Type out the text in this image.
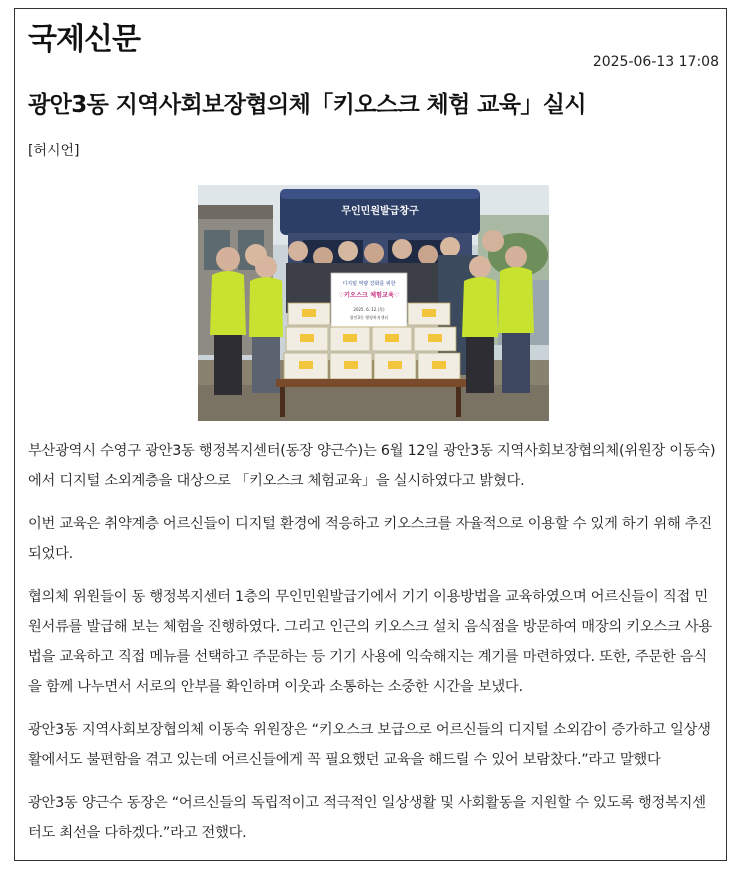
국제신문
2025-06-13 17:08
광안3동 지역사회보장협의체「키오스크 체험 교육」실시
[허시언]
무인민원발급창구
디지털 역량 강화를 위한
♡키오스크 체험교육♡
2025. 6. 12.(목)
광안3동 행정복지센터

부산광역시 수영구 광안3동 행정복지센터(동장 양근수)는 6월 12일 광안3동 지역사회보장협의체(위원장 이동숙)에서 디지털 소외계층을 대상으로 「키오스크 체험교육」을 실시하였다고 밝혔다.

이번 교육은 취약계층 어르신들이 디지털 환경에 적응하고 키오스크를 자율적으로 이용할 수 있게 하기 위해 추진되었다.

협의체 위원들이 동 행정복지센터 1층의 무인민원발급기에서 기기 이용방법을 교육하였으며 어르신들이 직접 민원서류를 발급해 보는 체험을 진행하였다. 그리고 인근의 키오스크 설치 음식점을 방문하여 매장의 키오스크 사용법을 교육하고 직접 메뉴를 선택하고 주문하는 등 기기 사용에 익숙해지는 계기를 마련하였다. 또한, 주문한 음식을 함께 나누면서 서로의 안부를 확인하며 이웃과 소통하는 소중한 시간을 보냈다.

광안3동 지역사회보장협의체 이동숙 위원장은 “키오스크 보급으로 어르신들의 디지털 소외감이 증가하고 일상생활에서도 불편함을 겪고 있는데 어르신들에게 꼭 필요했던 교육을 해드릴 수 있어 보람찼다.”라고 말했다

광안3동 양근수 동장은 “어르신들의 독립적이고 적극적인 일상생활 및 사회활동을 지원할 수 있도록 행정복지센터도 최선을 다하겠다.”라고 전했다.
